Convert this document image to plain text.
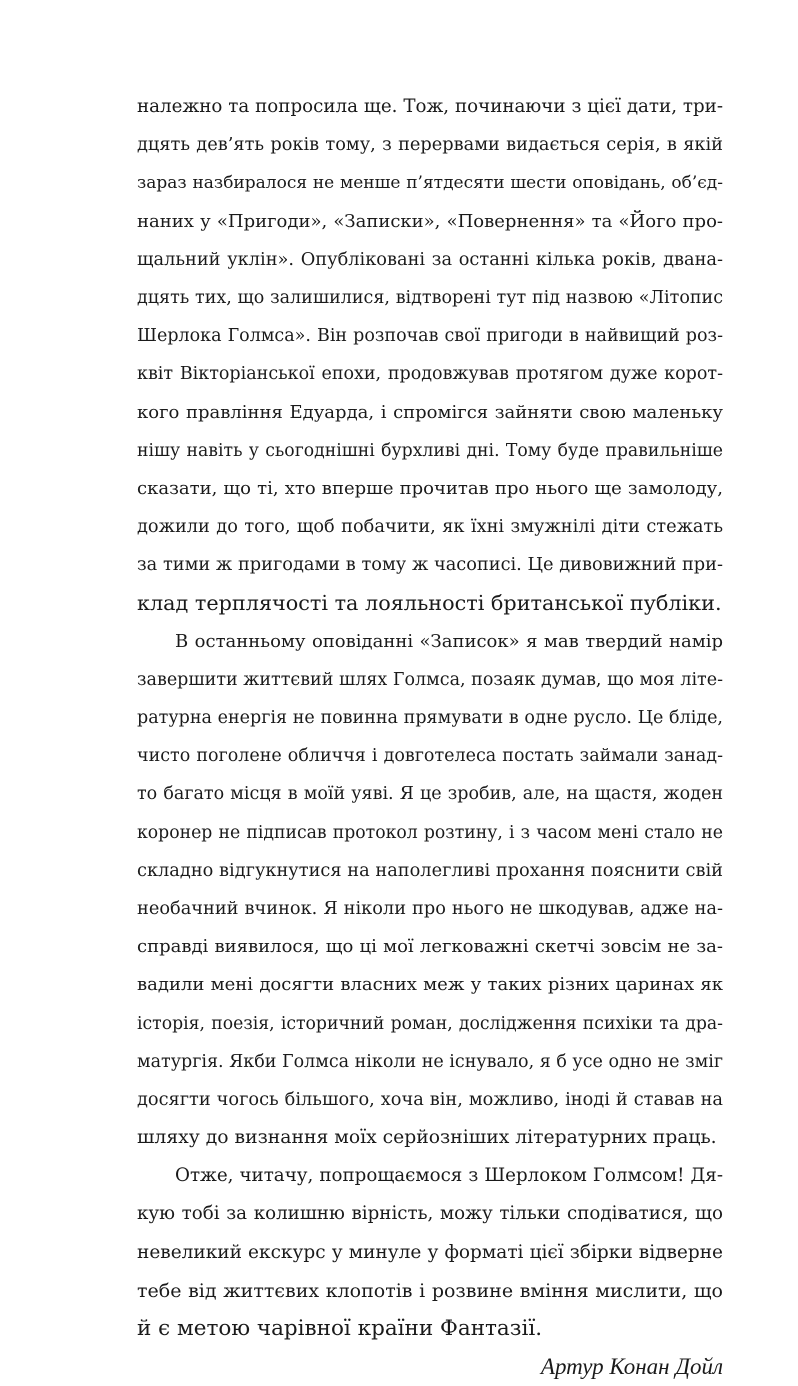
належно та попросила ще. Тож, починаючи з цієї дати, три-
дцять дев’ять років тому, з перервами видається серія, в якій
зараз назбиралося не менше п’ятдесяти шести оповідань, об’єд-
наних у «Пригоди», «Записки», «Повернення» та «Його про-
щальний уклін». Опубліковані за останні кілька років, двана-
дцять тих, що залишилися, відтворені тут під назвою «Літопис
Шерлока Голмса». Він розпочав свої пригоди в найвищий роз-
квіт Вікторіанської епохи, продовжував протягом дуже корот-
кого правління Едуарда, і спромігся зайняти свою маленьку
нішу навіть у сьогоднішні бурхливі дні. Тому буде правильніше
сказати, що ті, хто вперше прочитав про нього ще замолоду,
дожили до того, щоб побачити, як їхні змужнілі діти стежать
за тими ж пригодами в тому ж часописі. Це дивовижний при-
клад терплячості та лояльності британської публіки.
В останньому оповіданні «Записок» я мав твердий намір
завершити життєвий шлях Голмса, позаяк думав, що моя літе-
ратурна енергія не повинна прямувати в одне русло. Це бліде,
чисто поголене обличчя і довготелеса постать займали занад-
то багато місця в моїй уяві. Я це зробив, але, на щастя, жоден
коронер не підписав протокол розтину, і з часом мені стало не
складно відгукнутися на наполегливі прохання пояснити свій
необачний вчинок. Я ніколи про нього не шкодував, адже на-
справді виявилося, що ці мої легковажні скетчі зовсім не за-
вадили мені досягти власних меж у таких різних царинах як
історія, поезія, історичний роман, дослідження психіки та дра-
матургія. Якби Голмса ніколи не існувало, я б усе одно не зміг
досягти чогось більшого, хоча він, можливо, іноді й ставав на
шляху до визнання моїх серйозніших літературних праць.
Отже, читачу, попрощаємося з Шерлоком Голмсом! Дя-
кую тобі за колишню вірність, можу тільки сподіватися, що
невеликий екскурс у минуле у форматі цієї збірки відверне
тебе від життєвих клопотів і розвине вміння мислити, що
й є метою чарівної країни Фантазії.
Артур Конан Дойл
